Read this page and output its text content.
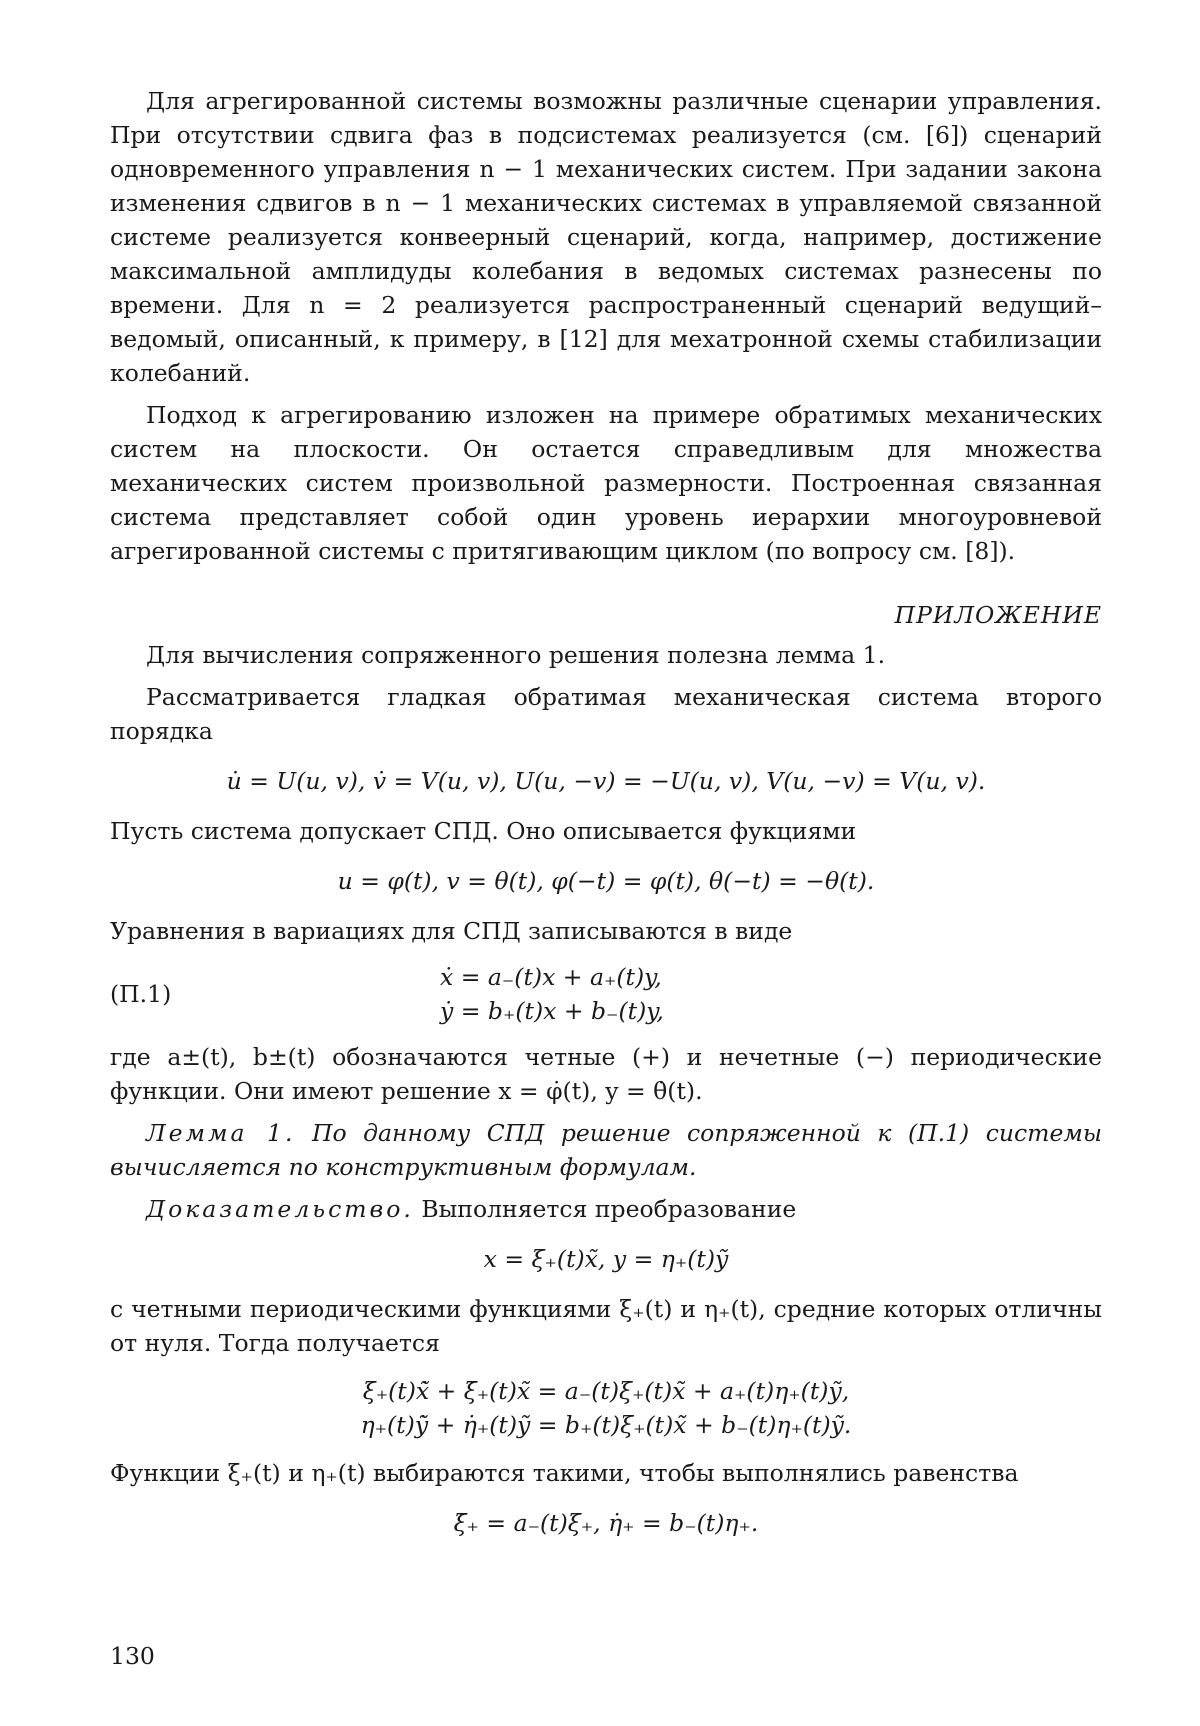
Для агрегированной системы возможны различные сценарии управления. При отсутствии сдвига фаз в подсистемах реализуется (см. [6]) сценарий одновременного управления n − 1 механических систем. При задании закона изменения сдвигов в n − 1 механических системах в управляемой связанной системе реализуется конвеерный сценарий, когда, например, достижение максимальной амплидуды колебания в ведомых системах разнесены по времени. Для n = 2 реализуется распространенный сценарий ведущий–ведомый, описанный, к примеру, в [12] для мехатронной схемы стабилизации колебаний.

Подход к агрегированию изложен на примере обратимых механических систем на плоскости. Он остается справедливым для множества механических систем произвольной размерности. Построенная связанная система представляет собой один уровень иерархии многоуровневой агрегированной системы с притягивающим циклом (по вопросу см. [8]).

ПРИЛОЖЕНИЕ

Для вычисления сопряженного решения полезна лемма 1.

Рассматривается гладкая обратимая механическая система второго порядка

u̇ = U(u, v), v̇ = V(u, v), U(u, −v) = −U(u, v), V(u, −v) = V(u, v).

Пусть система допускает СПД. Оно описывается фукциями

u = φ(t), v = θ(t), φ(−t) = φ(t), θ(−t) = −θ(t).

Уравнения в вариациях для СПД записываются в виде

(П.1)
ẋ = a₋(t)x + a₊(t)y,
ẏ = b₊(t)x + b₋(t)y,

где a±(t), b±(t) обозначаются четные (+) и нечетные (−) периодические функции. Они имеют решение x = φ̇(t), y = θ̇(t).

Лемма 1. По данному СПД решение сопряженной к (П.1) системы вычисляется по конструктивным формулам.

Доказательство. Выполняется преобразование

x = ξ₊(t)x̃, y = η₊(t)ỹ

с четными периодическими функциями ξ₊(t) и η₊(t), средние которых отличны от нуля. Тогда получается

ξ₊(t)x̃̇ + ξ̇₊(t)x̃ = a₋(t)ξ₊(t)x̃ + a₊(t)η₊(t)ỹ,
η₊(t)ỹ̇ + η̇₊(t)ỹ = b₊(t)ξ₊(t)x̃ + b₋(t)η₊(t)ỹ.

Функции ξ₊(t) и η₊(t) выбираются такими, чтобы выполнялись равенства

ξ̇₊ = a₋(t)ξ₊, η̇₊ = b₋(t)η₊.
130
